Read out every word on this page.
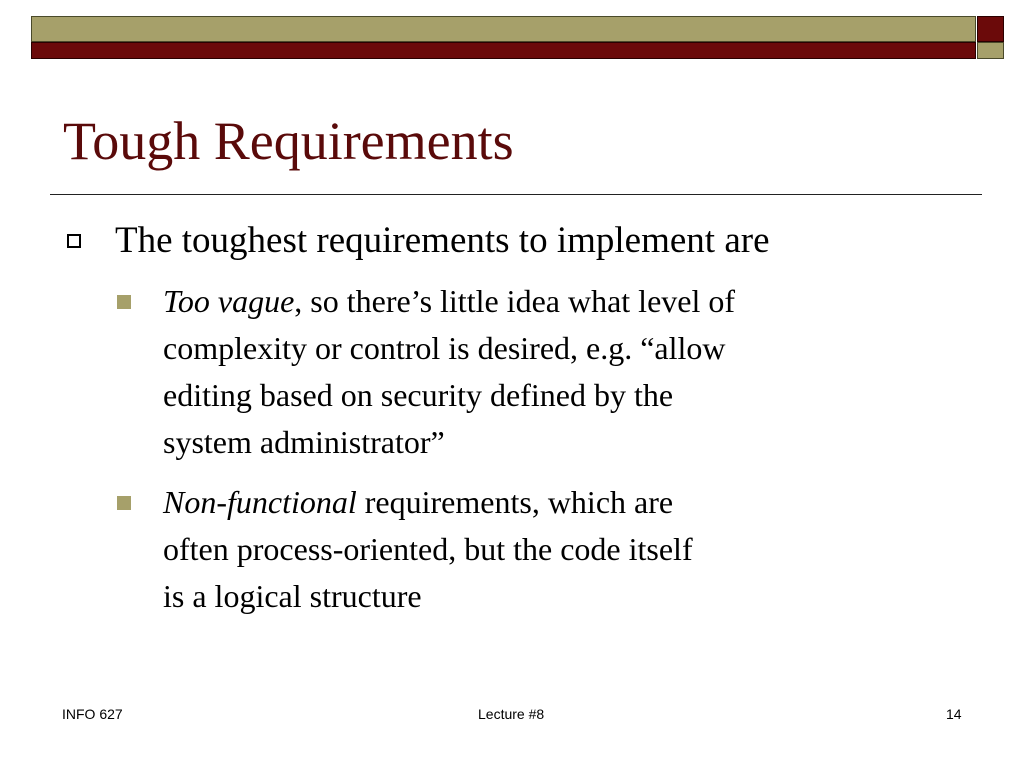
Tough Requirements
The toughest requirements to implement are
Too vague, so there’s little idea what level of
complexity or control is desired, e.g. “allow
editing based on security defined by the
system administrator”
Non-functional requirements, which are
often process-oriented, but the code itself
is a logical structure
INFO 627	Lecture #8	14
